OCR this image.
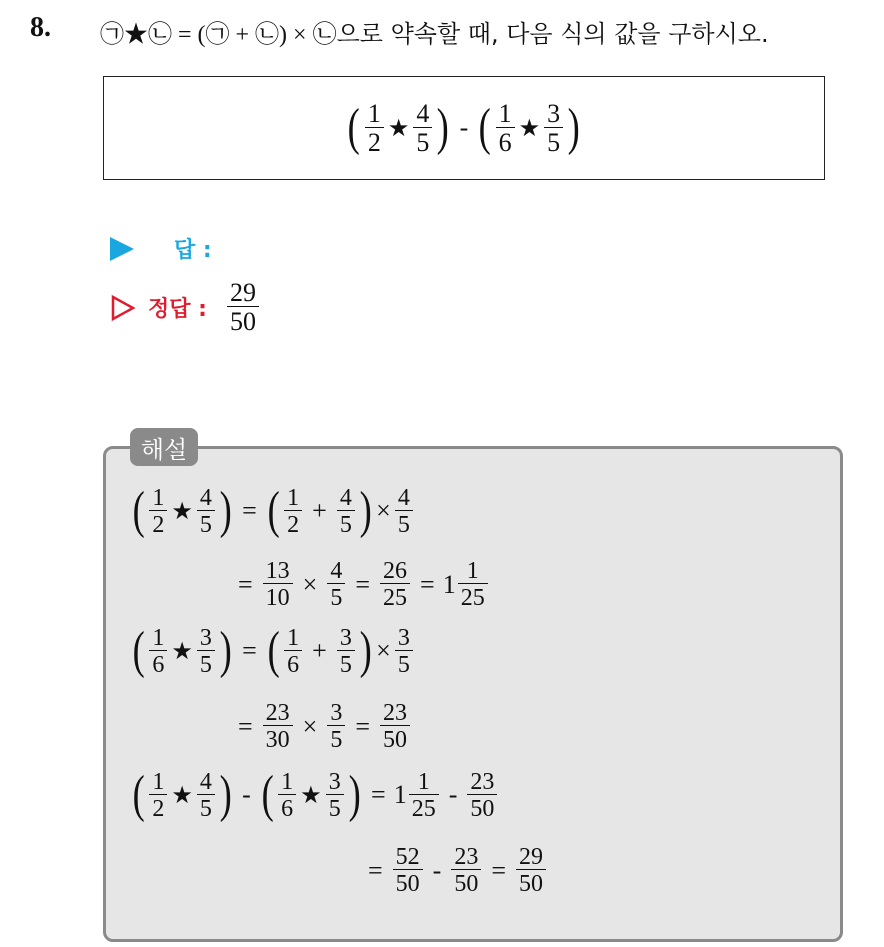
8. ㉠★㉡ = (㉠ + ㉡) × ㉡으로 약속할 때, 다음 식의 값을 구하시오.
( $\frac{1}{2}$ ★ $\frac{4}{5}$ ) - ( $\frac{1}{6}$ ★ $\frac{3}{5}$ )
답 :
정답 : $\frac{29}{50}$
해설
( $\frac{1}{2}$ ★ $\frac{4}{5}$ ) = ( $\frac{1}{2} + \frac{4}{5}$ ) × $\frac{4}{5}$
= $\frac{13}{10} \times \frac{4}{5} = \frac{26}{25} = 1 \frac{1}{25}$
( $\frac{1}{6}$ ★ $\frac{3}{5}$ ) = ( $\frac{1}{6} + \frac{3}{5}$ ) × $\frac{3}{5}$
= $\frac{23}{30} \times \frac{3}{5} = \frac{23}{50}$
( $\frac{1}{2}$ ★ $\frac{4}{5}$ ) - ( $\frac{1}{6}$ ★ $\frac{3}{5}$ ) = $1 \frac{1}{25} - \frac{23}{50}$
= $\frac{52}{50} - \frac{23}{50} = \frac{29}{50}$
